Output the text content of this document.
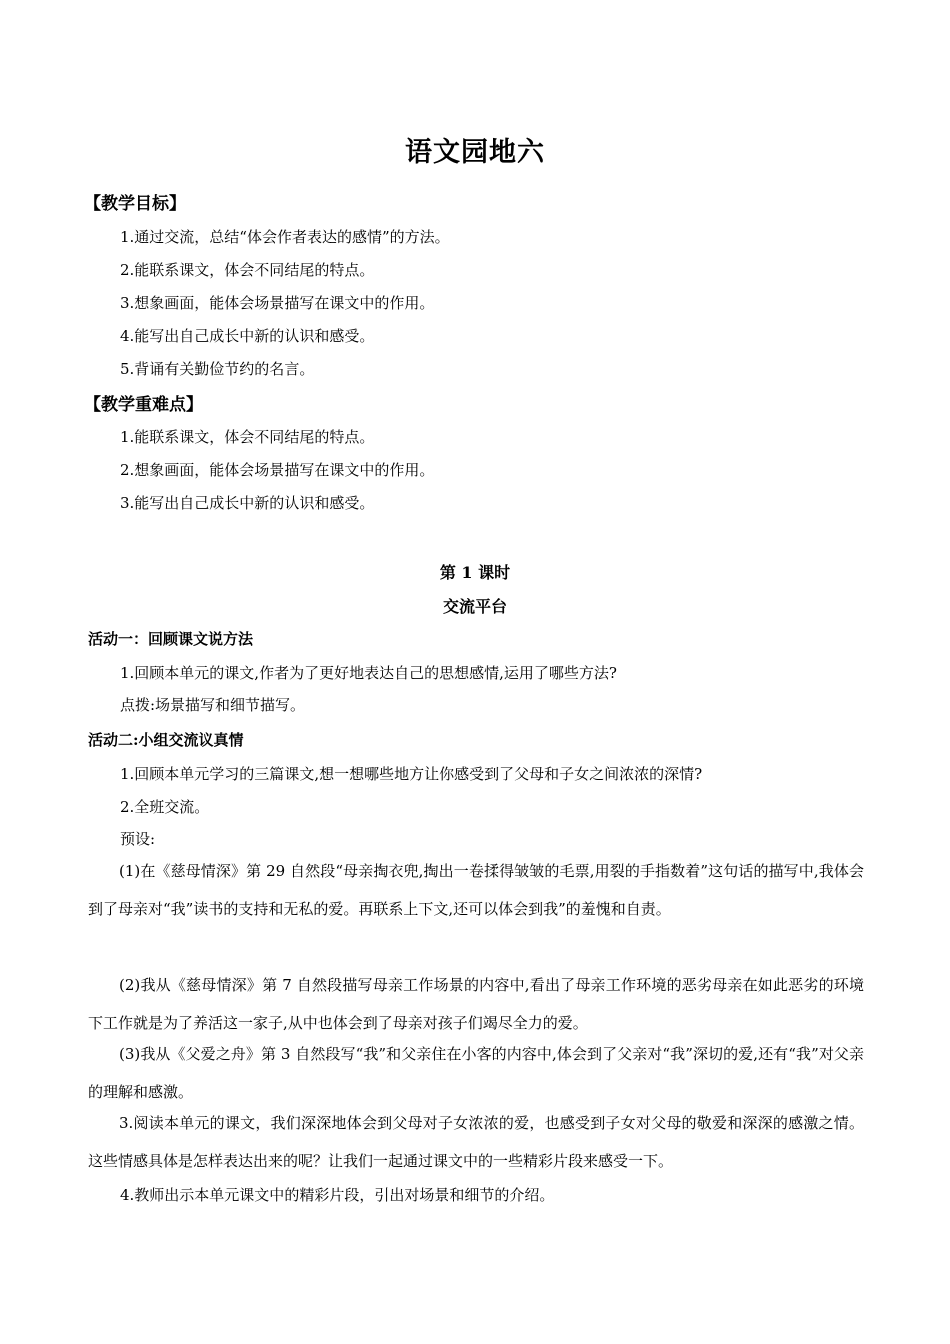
语文园地六
【教学目标】
1.通过交流，总结“体会作者表达的感情”的方法。
2.能联系课文，体会不同结尾的特点。
3.想象画面，能体会场景描写在课文中的作用。
4.能写出自己成长中新的认识和感受。
5.背诵有关勤俭节约的名言。
【教学重难点】
1.能联系课文，体会不同结尾的特点。
2.想象画面，能体会场景描写在课文中的作用。
3.能写出自己成长中新的认识和感受。
第 1 课时
交流平台
活动一：回顾课文说方法
1.回顾本单元的课文,作者为了更好地表达自己的思想感情,运用了哪些方法?
点拨:场景描写和细节描写。
活动二:小组交流议真情
1.回顾本单元学习的三篇课文,想一想哪些地方让你感受到了父母和子女之间浓浓的深情?
2.全班交流。
预设:
(1)在《慈母情深》第 29 自然段“母亲掏衣兜,掏出一卷揉得皱皱的毛票,用裂的手指数着”这句话的描写中,我体会到了母亲对“我”读书的支持和无私的爱。再联系上下文,还可以体会到我”的羞愧和自责。
(2)我从《慈母情深》第 7 自然段描写母亲工作场景的内容中,看出了母亲工作环境的恶劣母亲在如此恶劣的环境下工作就是为了养活这一家子,从中也体会到了母亲对孩子们竭尽全力的爱。
(3)我从《父爱之舟》第 3 自然段写“我”和父亲住在小客的内容中,体会到了父亲对“我”深切的爱,还有“我”对父亲的理解和感激。
3.阅读本单元的课文，我们深深地体会到父母对子女浓浓的爱，也感受到子女对父母的敬爱和深深的感激之情。这些情感具体是怎样表达出来的呢？让我们一起通过课文中的一些精彩片段来感受一下。
4.教师出示本单元课文中的精彩片段，引出对场景和细节的介绍。
